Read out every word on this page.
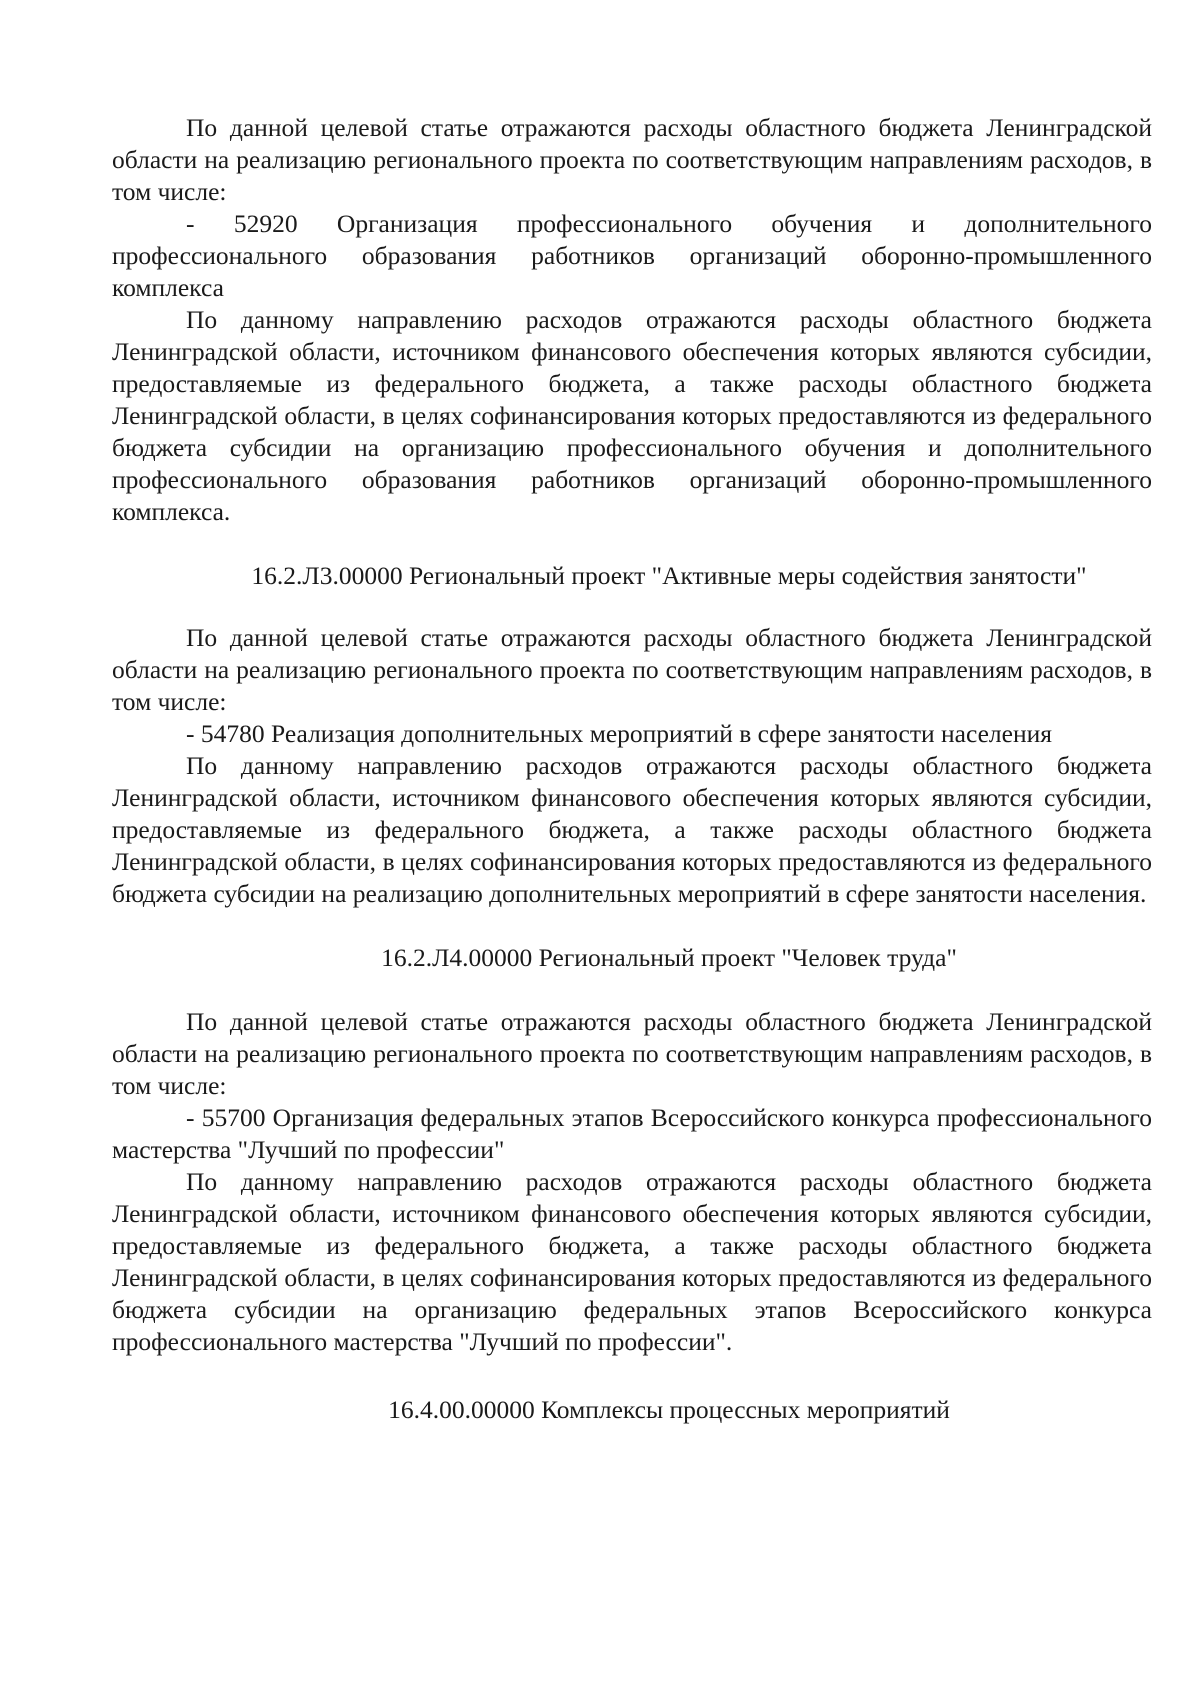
По данной целевой статье отражаются расходы областного бюджета Ленинградской области на реализацию регионального проекта по соответствующим направлениям расходов, в том числе:

- 52920 Организация профессионального обучения и дополнительного профессионального образования работников организаций оборонно-промышленного комплекса

По данному направлению расходов отражаются расходы областного бюджета Ленинградской области, источником финансового обеспечения которых являются субсидии, предоставляемые из федерального бюджета, а также расходы областного бюджета Ленинградской области, в целях софинансирования которых предоставляются из федерального бюджета субсидии на организацию профессионального обучения и дополнительного профессионального образования работников организаций оборонно-промышленного комплекса.

16.2.Л3.00000 Региональный проект "Активные меры содействия занятости"

По данной целевой статье отражаются расходы областного бюджета Ленинградской области на реализацию регионального проекта по соответствующим направлениям расходов, в том числе:

- 54780 Реализация дополнительных мероприятий в сфере занятости населения

По данному направлению расходов отражаются расходы областного бюджета Ленинградской области, источником финансового обеспечения которых являются субсидии, предоставляемые из федерального бюджета, а также расходы областного бюджета Ленинградской области, в целях софинансирования которых предоставляются из федерального бюджета субсидии на реализацию дополнительных мероприятий в сфере занятости населения.

16.2.Л4.00000 Региональный проект "Человек труда"

По данной целевой статье отражаются расходы областного бюджета Ленинградской области на реализацию регионального проекта по соответствующим направлениям расходов, в том числе:

- 55700 Организация федеральных этапов Всероссийского конкурса профессионального мастерства "Лучший по профессии"

По данному направлению расходов отражаются расходы областного бюджета Ленинградской области, источником финансового обеспечения которых являются субсидии, предоставляемые из федерального бюджета, а также расходы областного бюджета Ленинградской области, в целях софинансирования которых предоставляются из федерального бюджета субсидии на организацию федеральных этапов Всероссийского конкурса профессионального мастерства "Лучший по профессии".

16.4.00.00000 Комплексы процессных мероприятий
